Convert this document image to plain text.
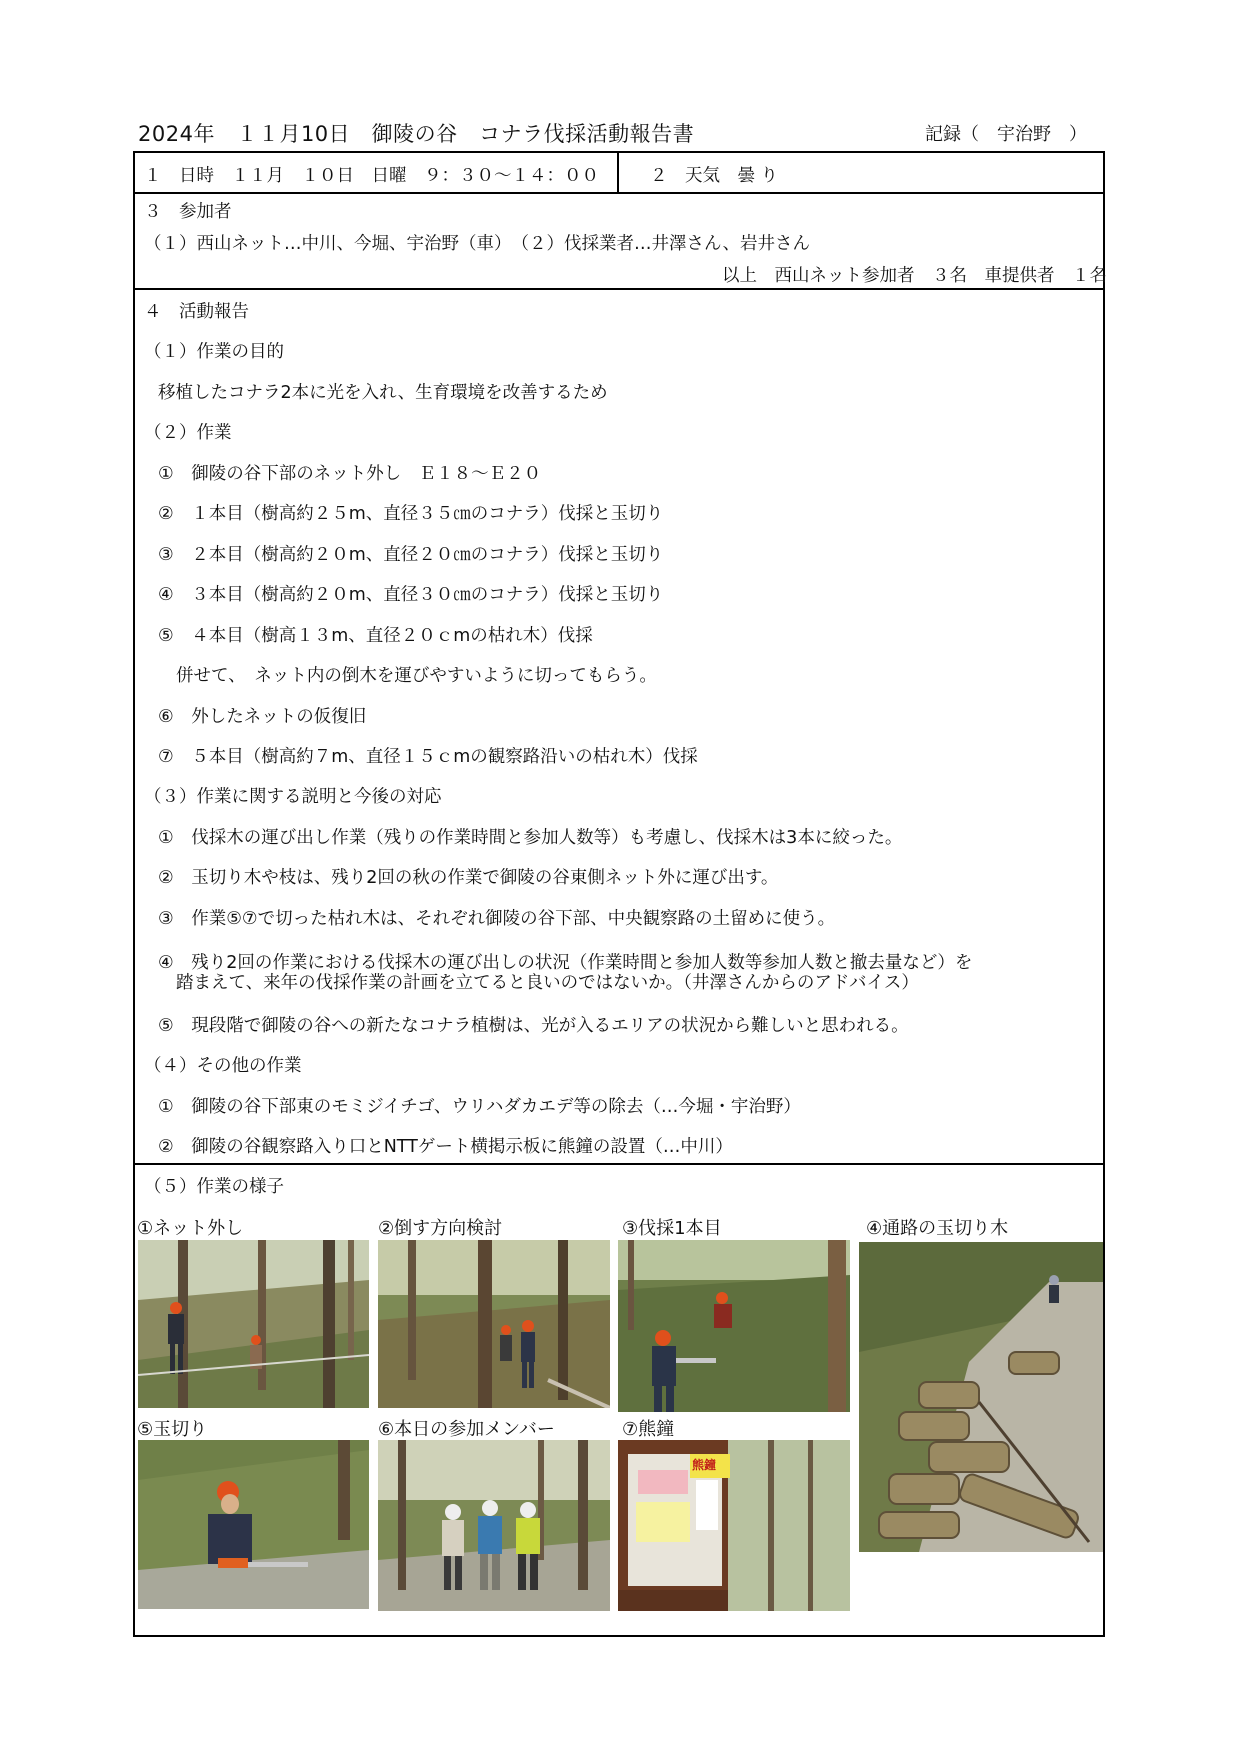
2024年　１１月10日　御陵の谷　コナラ伐採活動報告書	記録（　宇治野　）
１　日時　１１月　１０日　日曜　９：３０～１４：００	２　天気　曇 り
３　参加者
（１）西山ネット…中川、今堀、宇治野（車）　（２）伐採業者…井澤さん、岩井さん
以上　西山ネット参加者　３名　車提供者　１名
４　活動報告
（１）作業の目的
移植したコナラ2本に光を入れ、生育環境を改善するため
（２）作業
①　御陵の谷下部のネット外し　Ｅ１８～Ｅ２０
②　１本目（樹高約２５m、直径３５㎝のコナラ）伐採と玉切り
③　２本目（樹高約２０m、直径２０㎝のコナラ）伐採と玉切り
④　３本目（樹高約２０m、直径３０㎝のコナラ）伐採と玉切り
⑤　４本目（樹高１３m、直径２０ｃmの枯れ木）伐採
併せて、　ネット内の倒木を運びやすいように切ってもらう。
⑥　外したネットの仮復旧
⑦　５本目（樹高約７m、直径１５ｃmの観察路沿いの枯れ木）伐採
（３）作業に関する説明と今後の対応
①　伐採木の運び出し作業（残りの作業時間と参加人数等）も考慮し、伐採木は3本に絞った。
②　玉切り木や枝は、残り2回の秋の作業で御陵の谷東側ネット外に運び出す。
③　作業⑤⑦で切った枯れ木は、それぞれ御陵の谷下部、中央観察路の土留めに使う。
④　残り2回の作業における伐採木の運び出しの状況（作業時間と参加人数等参加人数と撤去量など）を
踏まえて、来年の伐採作業の計画を立てると良いのではないか。（井澤さんからのアドバイス）
⑤　現段階で御陵の谷への新たなコナラ植樹は、光が入るエリアの状況から難しいと思われる。
（４）その他の作業
①　御陵の谷下部東のモミジイチゴ、ウリハダカエデ等の除去（…今堀・宇治野）
②　御陵の谷観察路入り口とNTTゲート横掲示板に熊鐘の設置（…中川）
（５）作業の様子
①ネット外し	②倒す方向検討	③伐採1本目	④通路の玉切り木
⑤玉切り	⑥本日の参加メンバー	⑦熊鐘
熊鐘
